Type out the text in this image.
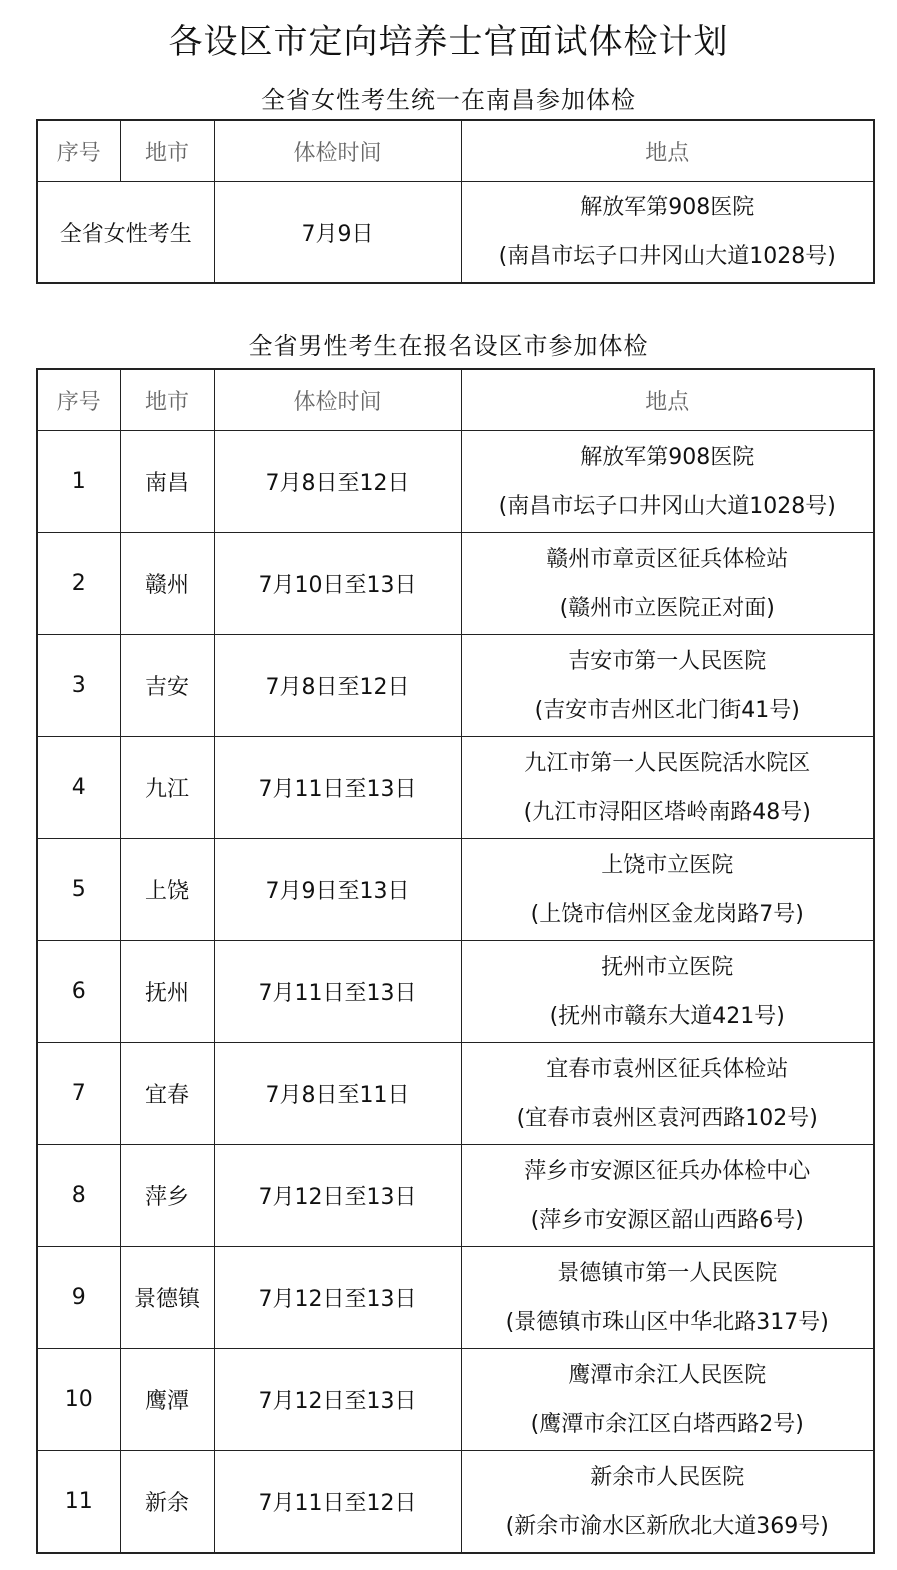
各设区市定向培养士官面试体检计划
全省女性考生统一在南昌参加体检
序号	地市	体检时间	地点
全省女性考生		7月9日	解放军第908医院
(南昌市坛子口井冈山大道1028号)
全省男性考生在报名设区市参加体检
序号	地市	体检时间	地点
1	南昌	7月8日至12日	解放军第908医院
(南昌市坛子口井冈山大道1028号)

2	赣州	7月10日至13日	赣州市章贡区征兵体检站
(赣州市立医院正对面)

3	吉安	7月8日至12日	吉安市第一人民医院
(吉安市吉州区北门街41号)

4	九江	7月11日至13日	九江市第一人民医院活水院区
(九江市浔阳区塔岭南路48号)

5	上饶	7月9日至13日	上饶市立医院
(上饶市信州区金龙岗路7号)

6	抚州	7月11日至13日	抚州市立医院
(抚州市赣东大道421号)

7	宜春	7月8日至11日	宜春市袁州区征兵体检站
(宜春市袁州区袁河西路102号)

8	萍乡	7月12日至13日	萍乡市安源区征兵办体检中心
(萍乡市安源区韶山西路6号)

9	景德镇	7月12日至13日	景德镇市第一人民医院
(景德镇市珠山区中华北路317号)

10	鹰潭	7月12日至13日	鹰潭市余江人民医院
(鹰潭市余江区白塔西路2号)

11	新余	7月11日至12日	新余市人民医院
(新余市渝水区新欣北大道369号)
